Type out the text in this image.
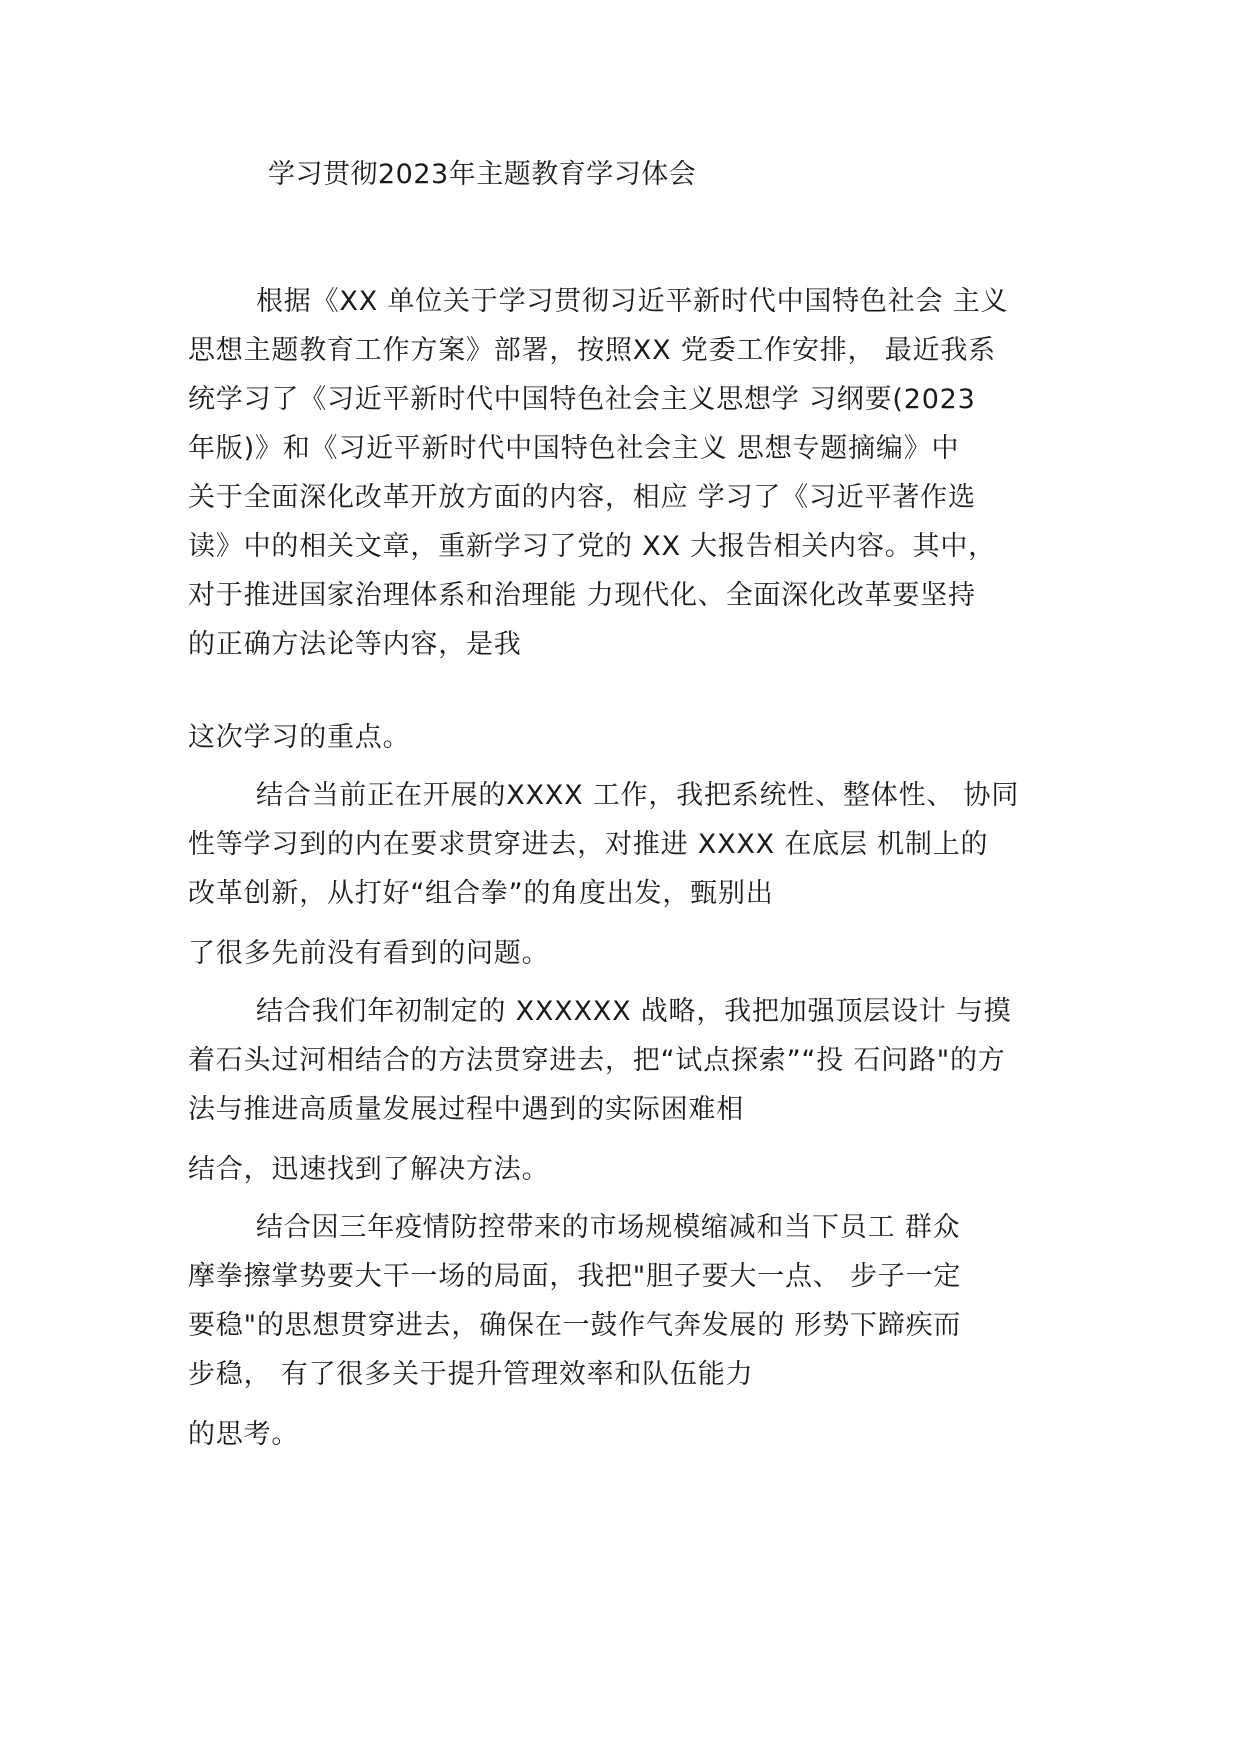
学习贯彻2023年主题教育学习体会
根据《XX 单位关于学习贯彻习近平新时代中国特色社会 主义
思想主题教育工作方案》部署，按照XX 党委工作安排， 最近我系
统学习了《习近平新时代中国特色社会主义思想学 习纲要(2023
年版)》和《习近平新时代中国特色社会主义 思想专题摘编》中
关于全面深化改革开放方面的内容，相应 学习了《习近平著作选
读》中的相关文章，重新学习了党的 XX 大报告相关内容。其中，
对于推进国家治理体系和治理能 力现代化、全面深化改革要坚持
的正确方法论等内容，是我
这次学习的重点。
结合当前正在开展的XXXX 工作，我把系统性、整体性、 协同
性等学习到的内在要求贯穿进去，对推进 XXXX 在底层 机制上的
改革创新，从打好“组合拳”的角度出发，甄别出
了很多先前没有看到的问题。
结合我们年初制定的 XXXXXX 战略，我把加强顶层设计 与摸
着石头过河相结合的方法贯穿进去，把“试点探索”“投 石问路"的方
法与推进高质量发展过程中遇到的实际困难相
结合，迅速找到了解决方法。
结合因三年疫情防控带来的市场规模缩减和当下员工 群众
摩拳擦掌势要大干一场的局面，我把"胆子要大一点、 步子一定
要稳"的思想贯穿进去，确保在一鼓作气奔发展的 形势下蹄疾而
步稳， 有了很多关于提升管理效率和队伍能力
的思考。
